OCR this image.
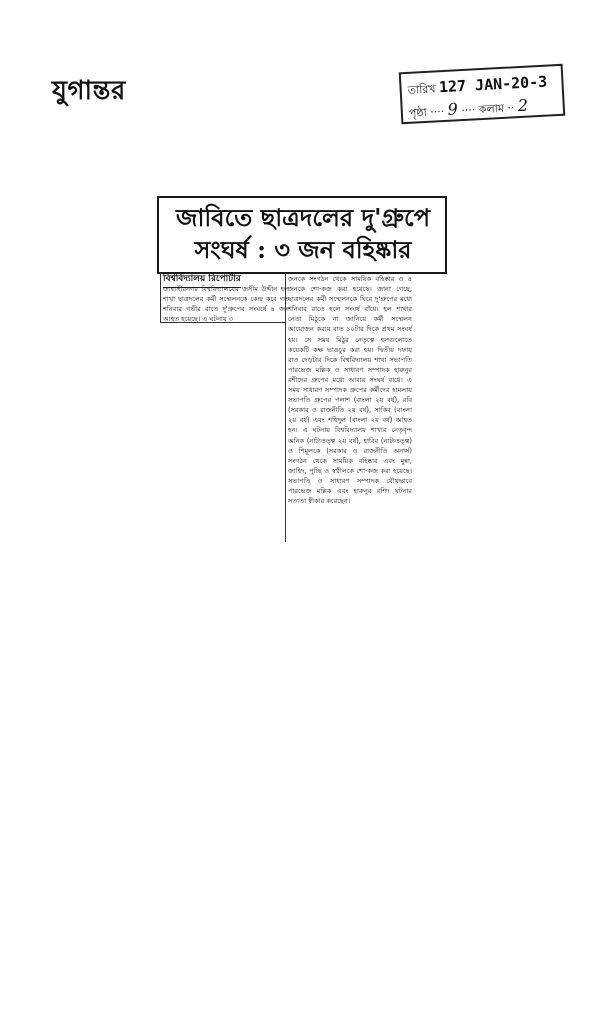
যুগান্তর	তারিখ 127 JAN-20-3
পৃষ্ঠা ···· 9 ···· কলাম ·· 2
জাবিতে ছাত্রদলের দু'গ্রুপে সংঘর্ষ : ৩ জন বহিষ্কার
বিশ্ববিদ্যালয় রিপোর্টার
জাহাঙ্গীরনগর বিশ্ববিদ্যালয়ের জসীম উদ্দীন হল শাখা ছাত্রদলের কর্মী সম্মেলনকে কেন্দ্র করে গত শনিবার গভীর রাতে দু'গ্রুপের সংঘর্ষে ৪ জন আহত হয়েছে। এ ঘটনায় ৩
জনকে সংগঠন থেকে সাময়িক বহিষ্কার ও ৪ জনকে শো-কজ করা হয়েছে। জানা গেছে, ছাত্রদলের কর্মী সম্মেলনকে ঘিরে দু'গ্রুপের মধ্যে শনিবার রাতে হলে সংঘর্ষ বাঁধে। হল শাখার নেতা মিঠুকে না জানিয়ে কর্মী সম্মেলন আয়োজন করায় রাত ১০টার দিকে প্রথম সংঘর্ষ হয়। সে সময় মিঠুর নেতৃত্বে হলগুলোতে কয়েকটি কক্ষ ভাঙচুর করা হয়। দ্বিতীয় দফায় রাত দেড়টার দিকে বিশ্ববিদ্যালয় শাখা সভাপতি পারভেজ মল্লিক ও সাধারণ সম্পাদক হারুনুর রশীদের গ্রুপের মধ্যে আবার সংঘর্ষ বাধে। এ সময় সাধারণ সম্পাদক গ্রুপের কর্মীদের হামলায় সভাপতি গ্রুপের পলাশ (বাংলা ২য় বর্ষ), রবি (সরকার ও রাজনীতি ২য় বর্ষ), সাকিব (বাংলা ২য় বর্ষ) এবং শহিদুল (বাংলা ২য় বর্ষ) আহত হন। এ ঘটনায় বিশ্ববিদ্যালয় শাখার নেতৃবৃন্দ অনিক (নাট্যতত্ত্ব ২য় বর্ষ), হাবিব (নাট্যতত্ত্ব) ও শিমুলকে (সরকার ও রাজনীতি অনার্স) সংগঠন থেকে সাময়িক বহিষ্কার এবং মুন্না, জাহিদ, পুচ্ছি ও স্বপ্নীলকে শো-কজ করা হয়েছে। সভাপতি ও সাধারণ সম্পাদক যৌথভাবে পারভেজ মল্লিক এবং হারুনুর রশিদ ঘটনার সত্যতা স্বীকার করেছেন।
